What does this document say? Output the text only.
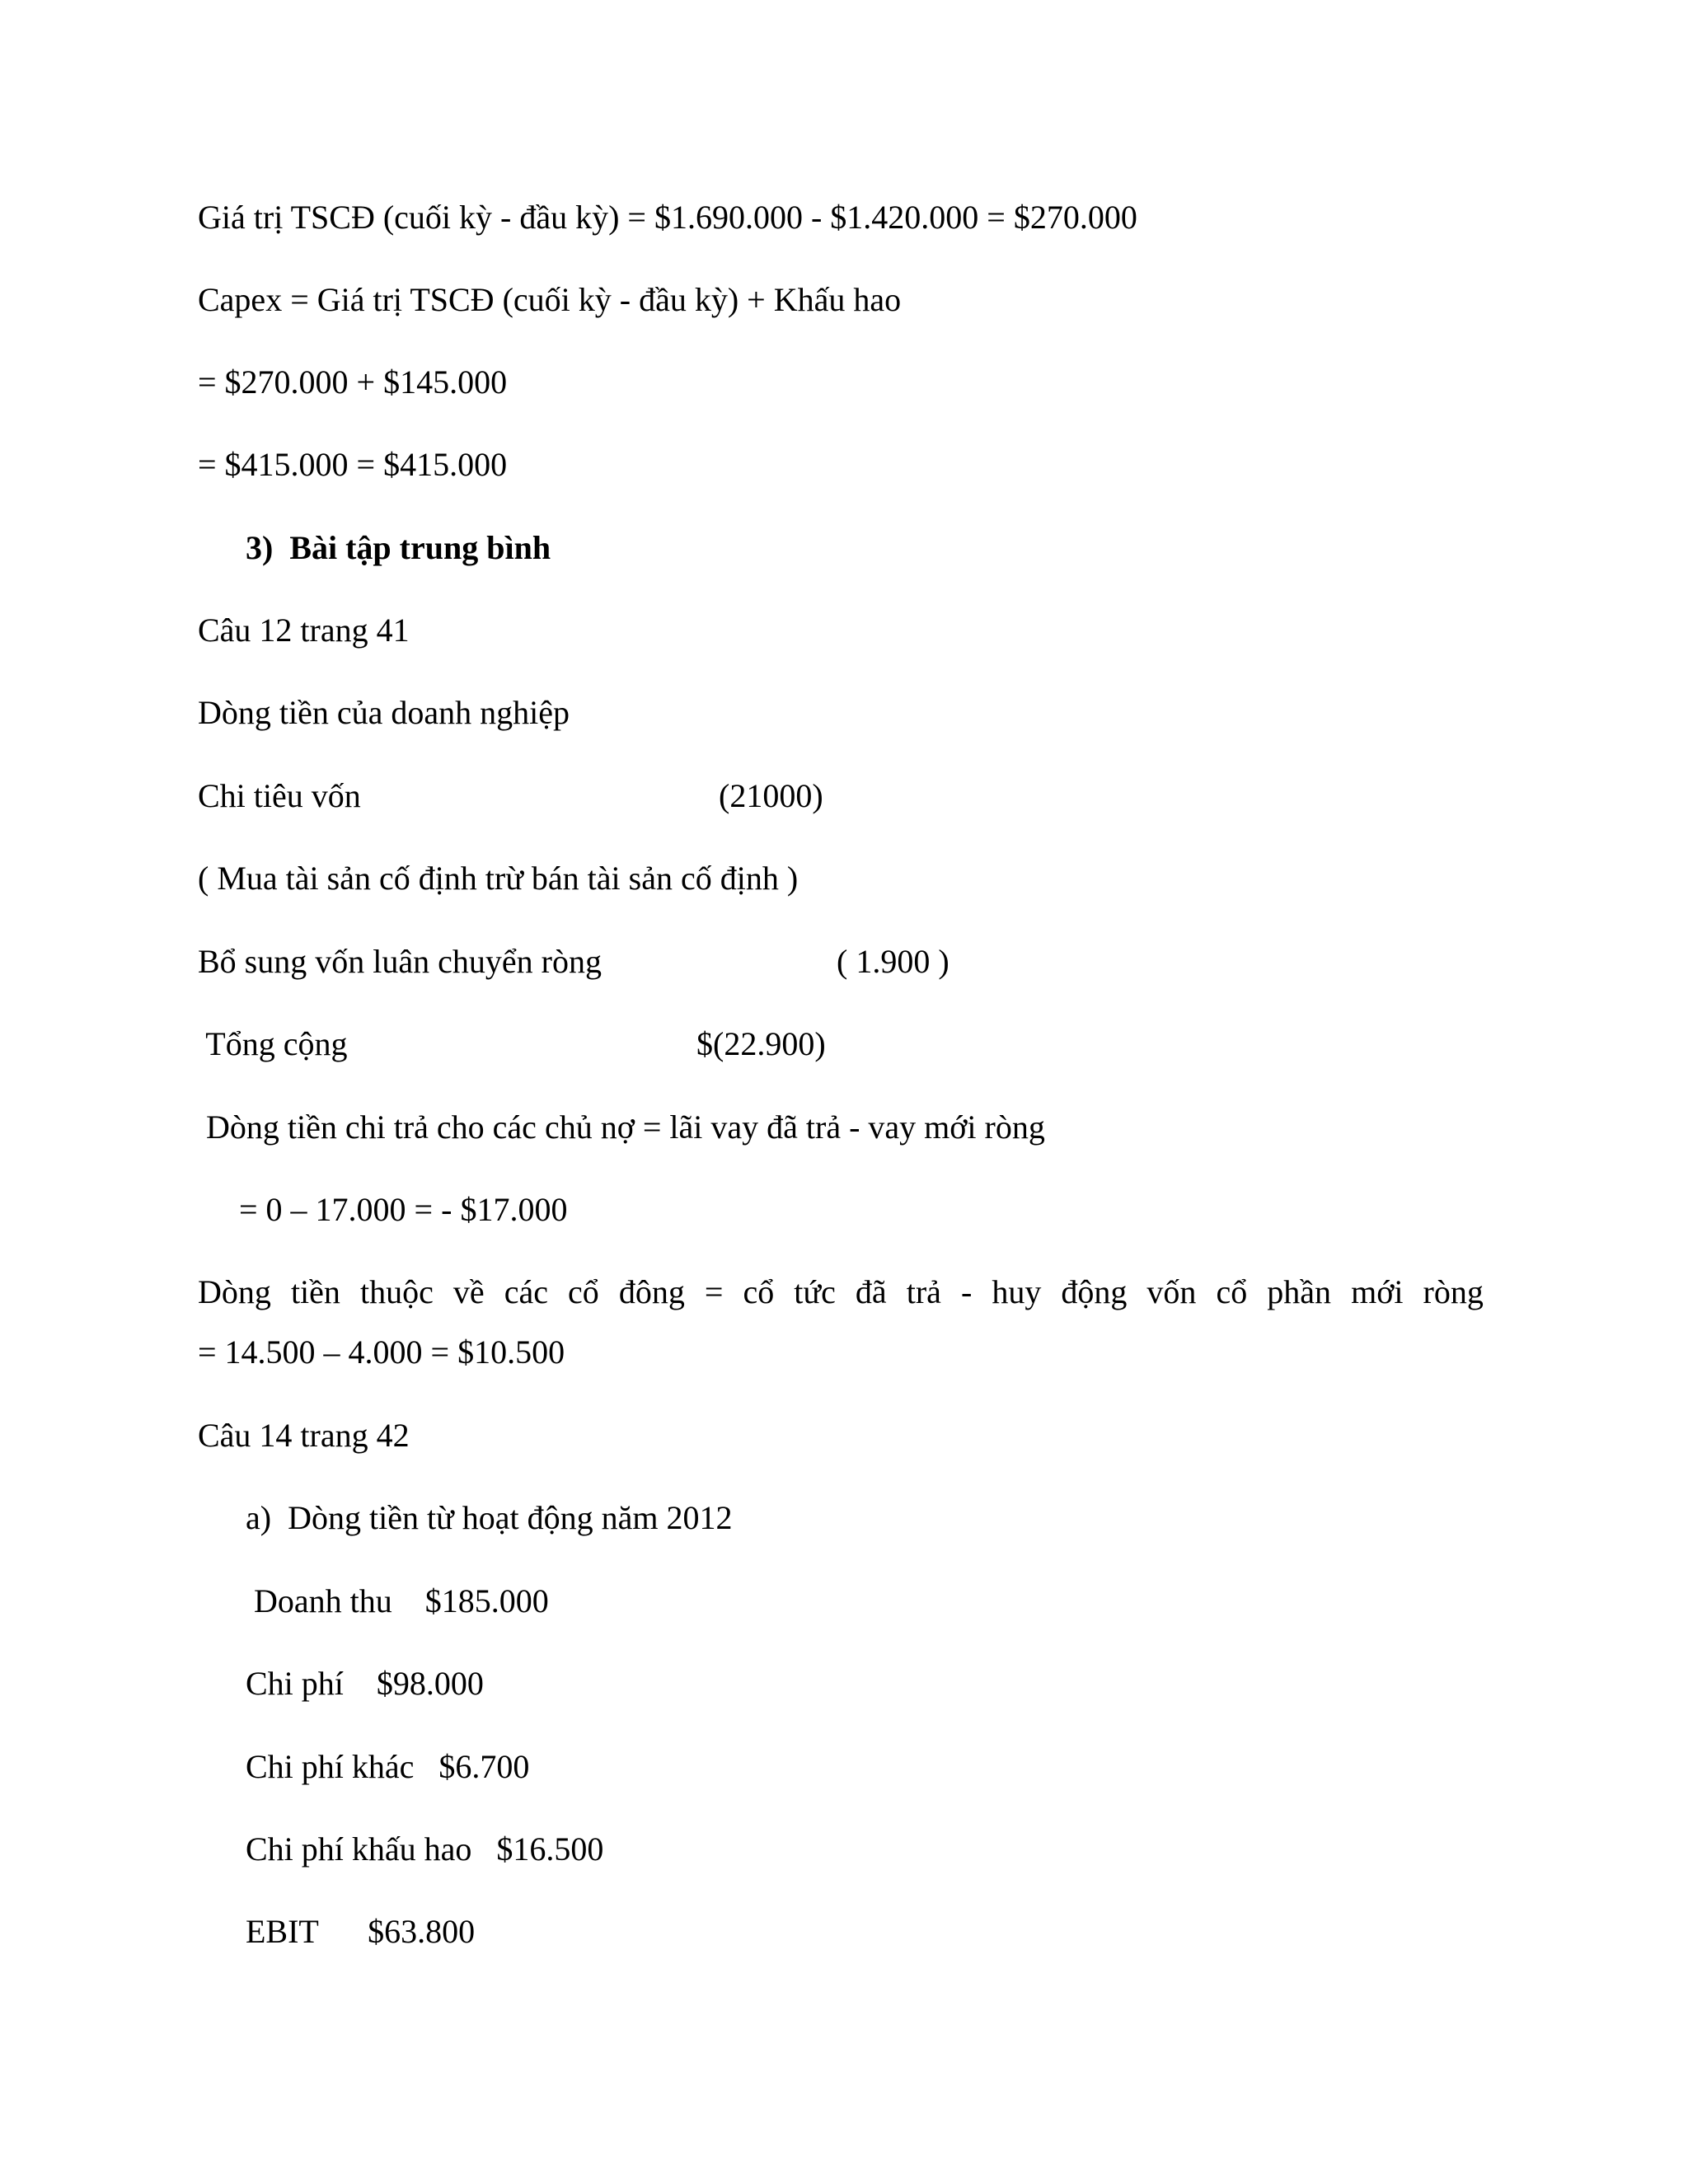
Giá trị TSCĐ (cuối kỳ - đầu kỳ) = $1.690.000 - $1.420.000 = $270.000

Capex = Giá trị TSCĐ (cuối kỳ - đầu kỳ) + Khấu hao

= $270.000 + $145.000

= $415.000 = $415.000

3)  Bài tập trung bình

Câu 12 trang 41

Dòng tiền của doanh nghiệp

Chi tiêu vốn	(21000)

( Mua tài sản cố định trừ bán tài sản cố định )

Bổ sung vốn luân chuyển ròng	( 1.900 )

Tổng cộng	$(22.900)

Dòng tiền chi trả cho các chủ nợ = lãi vay đã trả - vay mới ròng

= 0 – 17.000 = - $17.000

Dòng tiền thuộc về các cổ đông = cổ tức đã trả - huy động vốn cổ phần mới ròng

= 14.500 – 4.000 = $10.500

Câu 14 trang 42

a)  Dòng tiền từ hoạt động năm 2012

Doanh thu    $185.000

Chi phí    $98.000

Chi phí khác   $6.700

Chi phí khấu hao   $16.500

EBIT      $63.800
